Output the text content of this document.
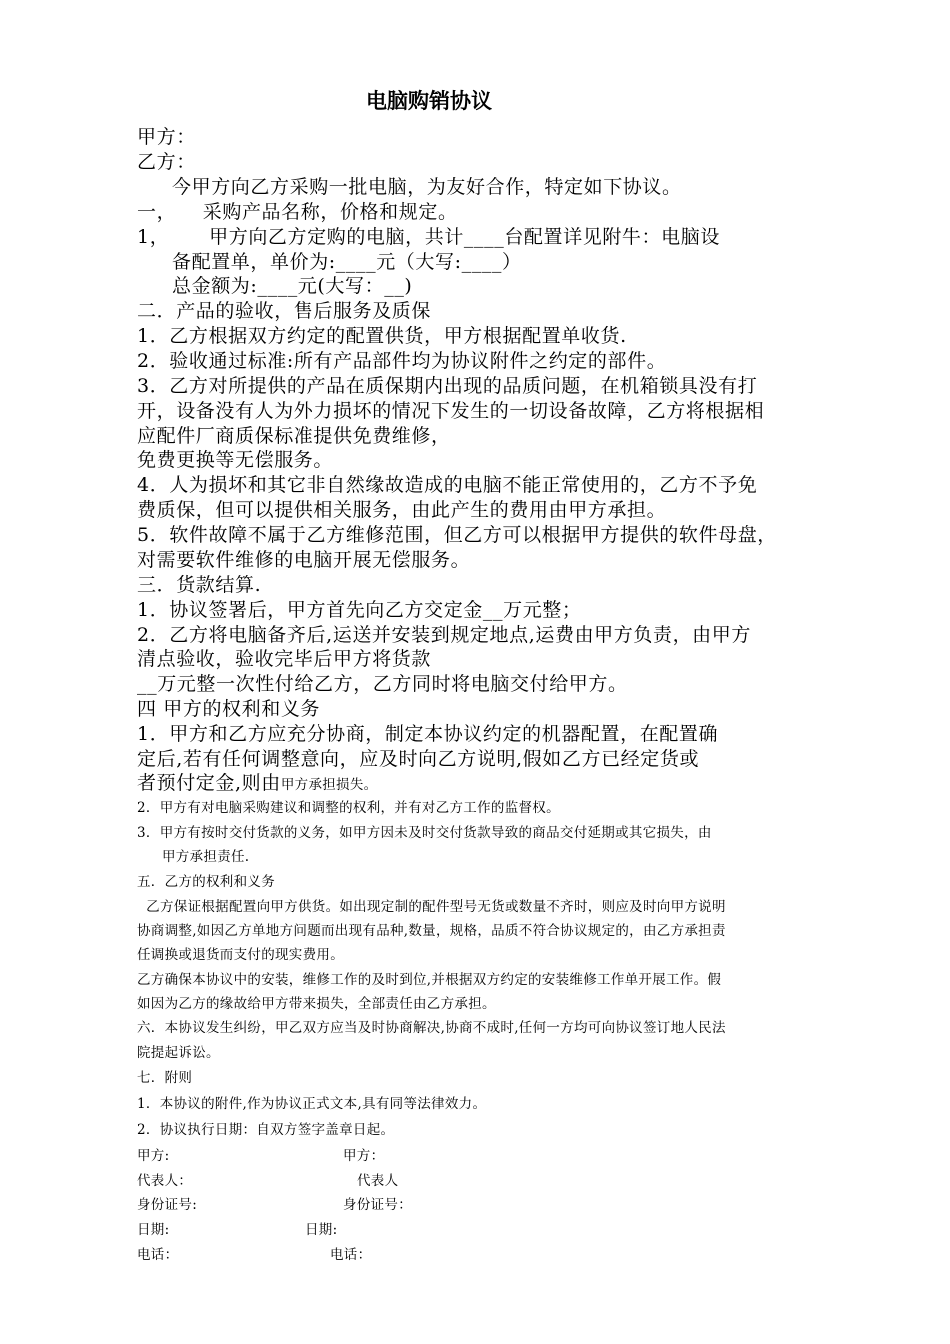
电脑购销协议
甲方：
乙方：
今甲方向乙方采购一批电脑，为友好合作，特定如下协议。
一，    采购产品名称，价格和规定。
1，      甲方向乙方定购的电脑，共计____台配置详见附牛：电脑设
备配置单，单价为:____元（大写:____）
总金额为:____元(大写：__)
二．产品的验收，售后服务及质保
1．乙方根据双方约定的配置供货，甲方根据配置单收货.
2．验收通过标准:所有产品部件均为协议附件之约定的部件。
3．乙方对所提供的产品在质保期内出现的品质问题，在机箱锁具没有打
开，设备没有人为外力损坏的情况下发生的一切设备故障，乙方将根据相
应配件厂商质保标准提供免费维修，
免费更换等无偿服务。
4．人为损坏和其它非自然缘故造成的电脑不能正常使用的，乙方不予免
费质保，但可以提供相关服务，由此产生的费用由甲方承担。
5．软件故障不属于乙方维修范围，但乙方可以根据甲方提供的软件母盘，
对需要软件维修的电脑开展无偿服务。
三．货款结算.
1．协议签署后，甲方首先向乙方交定金__万元整；
2．乙方将电脑备齐后,运送并安装到规定地点,运费由甲方负责，由甲方
清点验收，验收完毕后甲方将货款
__万元整一次性付给乙方，乙方同时将电脑交付给甲方。
四 甲方的权利和义务
1．甲方和乙方应充分协商，制定本协议约定的机器配置，在配置确
定后,若有任何调整意向，应及时向乙方说明,假如乙方已经定货或
者预付定金,则由甲方承担损失。
2．甲方有对电脑采购建议和调整的权利，并有对乙方工作的监督权。
3．甲方有按时交付货款的义务，如甲方因未及时交付货款导致的商品交付延期或其它损失，由
甲方承担责任.
五．乙方的权利和义务
乙方保证根据配置向甲方供货。如出现定制的配件型号无货或数量不齐时，则应及时向甲方说明
协商调整,如因乙方单地方问题而出现有品种,数量，规格，品质不符合协议规定的，由乙方承担责
任调换或退货而支付的现实费用。
乙方确保本协议中的安装，维修工作的及时到位,并根据双方约定的安装维修工作单开展工作。假
如因为乙方的缘故给甲方带来损失，全部责任由乙方承担。
六．本协议发生纠纷，甲乙双方应当及时协商解决,协商不成时,任何一方均可向协议签订地人民法
院提起诉讼。
七．附则
1．本协议的附件,作为协议正式文本,具有同等法律效力。
2．协议执行日期：自双方签字盖章日起。
甲方:	甲方：
代表人：	代表人
身份证号:	身份证号：
日期:	日期:
电话：	电话：
